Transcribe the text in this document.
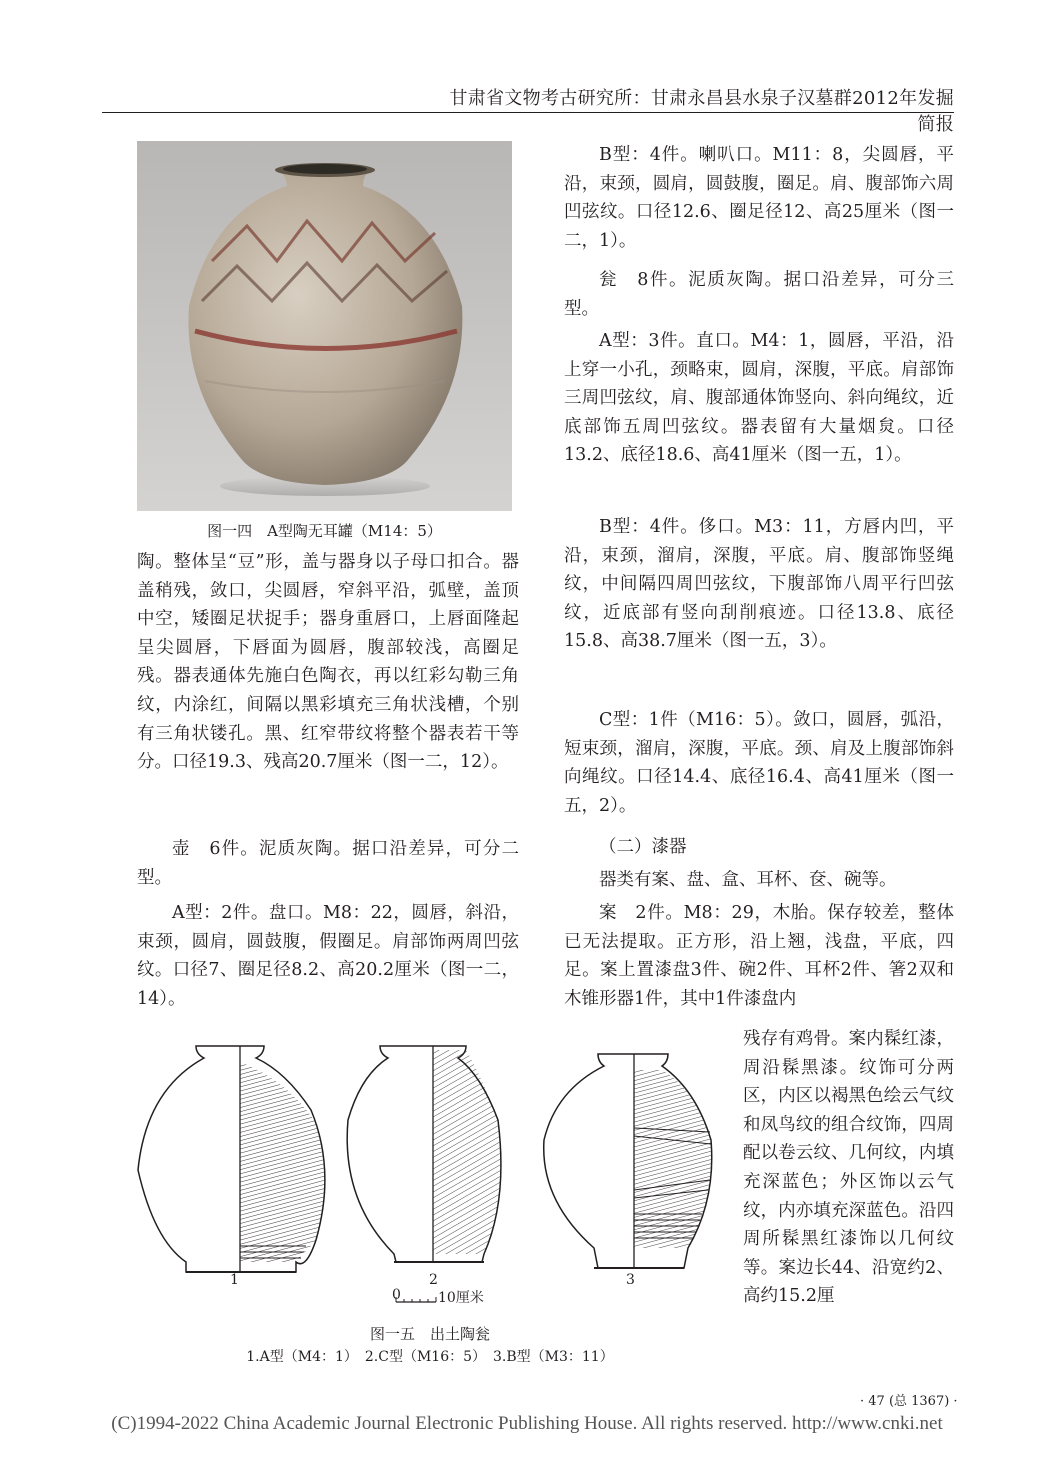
甘肃省文物考古研究所：甘肃永昌县水泉子汉墓群2012年发掘简报
图一四　A型陶无耳罐（M14：5）
陶。整体呈“豆”形，盖与器身以子母口扣合。器盖稍残，敛口，尖圆唇，窄斜平沿，弧壁，盖顶中空，矮圈足状捉手；器身重唇口，上唇面隆起呈尖圆唇，下唇面为圆唇，腹部较浅，高圈足残。器表通体先施白色陶衣，再以红彩勾勒三角纹，内涂红，间隔以黑彩填充三角状浅槽，个别有三角状镂孔。黑、红窄带纹将整个器表若干等分。口径19.3、残高20.7厘米（图一二，12）。
壶　6件。泥质灰陶。据口沿差异，可分二型。
A型：2件。盘口。M8：22，圆唇，斜沿，束颈，圆肩，圆鼓腹，假圈足。肩部饰两周凹弦纹。口径7、圈足径8.2、高20.2厘米（图一二，14）。
B型：4件。喇叭口。M11：8，尖圆唇，平沿，束颈，圆肩，圆鼓腹，圈足。肩、腹部饰六周凹弦纹。口径12.6、圈足径12、高25厘米（图一二，1）。
瓮　8件。泥质灰陶。据口沿差异，可分三型。
A型：3件。直口。M4：1，圆唇，平沿，沿上穿一小孔，颈略束，圆肩，深腹，平底。肩部饰三周凹弦纹，肩、腹部通体饰竖向、斜向绳纹，近底部饰五周凹弦纹。器表留有大量烟炱。口径13.2、底径18.6、高41厘米（图一五，1）。
B型：4件。侈口。M3：11，方唇内凹，平沿，束颈，溜肩，深腹，平底。肩、腹部饰竖绳纹，中间隔四周凹弦纹，下腹部饰八周平行凹弦纹，近底部有竖向刮削痕迹。口径13.8、底径15.8、高38.7厘米（图一五，3）。
C型：1件（M16：5）。敛口，圆唇，弧沿，短束颈，溜肩，深腹，平底。颈、肩及上腹部饰斜向绳纹。口径14.4、底径16.4、高41厘米（图一五，2）。
（二）漆器
器类有案、盘、盒、耳杯、奁、碗等。
案　2件。M8：29，木胎。保存较差，整体已无法提取。正方形，沿上翘，浅盘，平底，四足。案上置漆盘3件、碗2件、耳杯2件、箸2双和木锥形器1件，其中1件漆盘内
残存有鸡骨。案内髹红漆，周沿髹黑漆。纹饰可分两区，内区以褐黑色绘云气纹和凤鸟纹的组合纹饰，四周配以卷云纹、几何纹，内填充深蓝色；外区饰以云气纹，内亦填充深蓝色。沿四周所髹黑红漆饰以几何纹等。案边长44、沿宽约2、高约15.2厘
1	2	3
0	10厘米
图一五　出土陶瓮
1.A型（M4：1）　2.C型（M16：5）　3.B型（M3：11）
· 47 (总 1367) ·
(C)1994-2022 China Academic Journal Electronic Publishing House. All rights reserved. http://www.cnki.net
